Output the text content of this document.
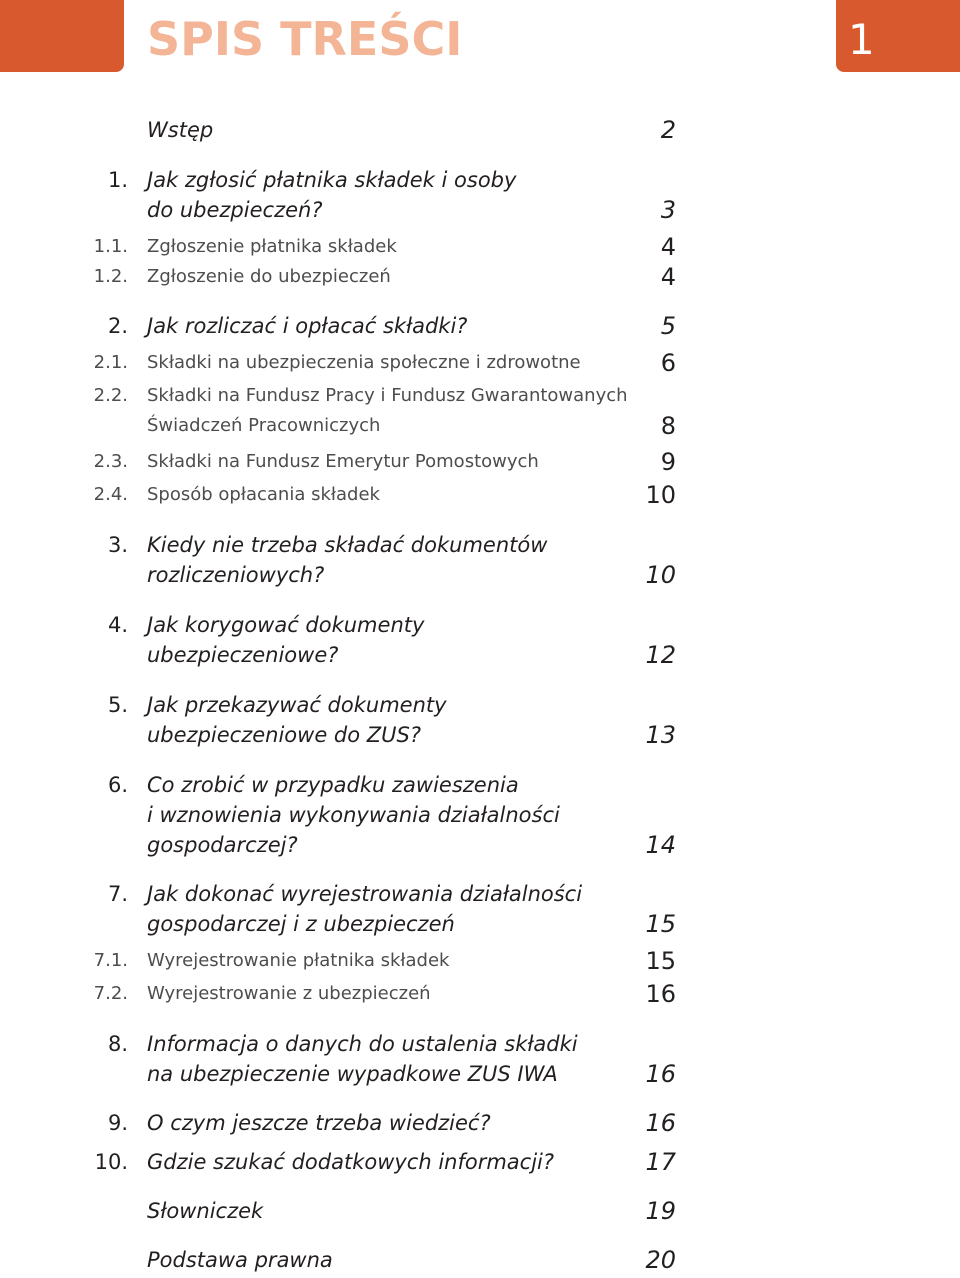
SPIS TREŚCI	1
Wstęp	2
1. Jak zgłosić płatnika składek i osoby
do ubezpieczeń?	3
1.1. Zgłoszenie płatnika składek	4
1.2. Zgłoszenie do ubezpieczeń	4
2. Jak rozliczać i opłacać składki?	5
2.1. Składki na ubezpieczenia społeczne i zdrowotne	6
2.2. Składki na Fundusz Pracy i Fundusz Gwarantowanych
Świadczeń Pracowniczych	8
2.3. Składki na Fundusz Emerytur Pomostowych	9
2.4. Sposób opłacania składek	10
3. Kiedy nie trzeba składać dokumentów
rozliczeniowych?	10
4. Jak korygować dokumenty
ubezpieczeniowe?	12
5. Jak przekazywać dokumenty
ubezpieczeniowe do ZUS?	13
6. Co zrobić w przypadku zawieszenia
i wznowienia wykonywania działalności
gospodarczej?	14
7. Jak dokonać wyrejestrowania działalności
gospodarczej i z ubezpieczeń	15
7.1. Wyrejestrowanie płatnika składek	15
7.2. Wyrejestrowanie z ubezpieczeń	16
8. Informacja o danych do ustalenia składki
na ubezpieczenie wypadkowe ZUS IWA	16
9. O czym jeszcze trzeba wiedzieć?	16
10. Gdzie szukać dodatkowych informacji?	17
Słowniczek	19
Podstawa prawna	20
